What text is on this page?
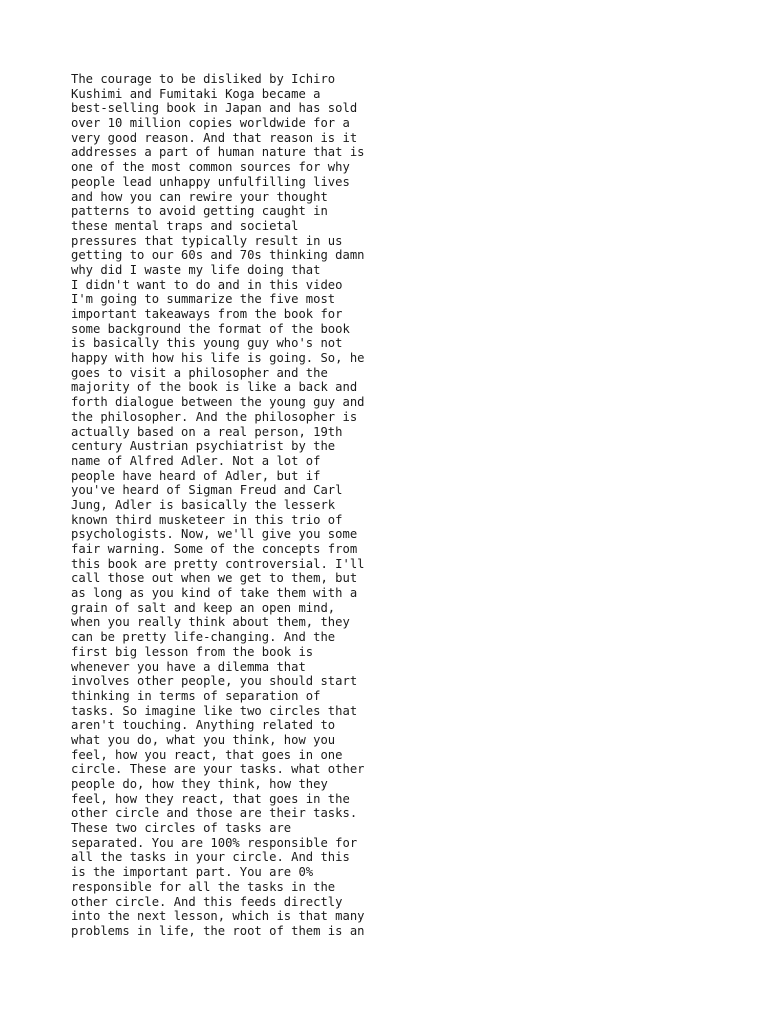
The courage to be disliked by Ichiro
Kushimi and Fumitaki Koga became a
best-selling book in Japan and has sold
over 10 million copies worldwide for a
very good reason. And that reason is it
addresses a part of human nature that is
one of the most common sources for why
people lead unhappy unfulfilling lives
and how you can rewire your thought
patterns to avoid getting caught in
these mental traps and societal
pressures that typically result in us
getting to our 60s and 70s thinking damn
why did I waste my life doing that
I didn't want to do and in this video
I'm going to summarize the five most
important takeaways from the book for
some background the format of the book
is basically this young guy who's not
happy with how his life is going. So, he
goes to visit a philosopher and the
majority of the book is like a back and
forth dialogue between the young guy and
the philosopher. And the philosopher is
actually based on a real person, 19th
century Austrian psychiatrist by the
name of Alfred Adler. Not a lot of
people have heard of Adler, but if
you've heard of Sigman Freud and Carl
Jung, Adler is basically the lesserk
known third musketeer in this trio of
psychologists. Now, we'll give you some
fair warning. Some of the concepts from
this book are pretty controversial. I'll
call those out when we get to them, but
as long as you kind of take them with a
grain of salt and keep an open mind,
when you really think about them, they
can be pretty life-changing. And the
first big lesson from the book is
whenever you have a dilemma that
involves other people, you should start
thinking in terms of separation of
tasks. So imagine like two circles that
aren't touching. Anything related to
what you do, what you think, how you
feel, how you react, that goes in one
circle. These are your tasks. what other
people do, how they think, how they
feel, how they react, that goes in the
other circle and those are their tasks.
These two circles of tasks are
separated. You are 100% responsible for
all the tasks in your circle. And this
is the important part. You are 0%
responsible for all the tasks in the
other circle. And this feeds directly
into the next lesson, which is that many
problems in life, the root of them is an
